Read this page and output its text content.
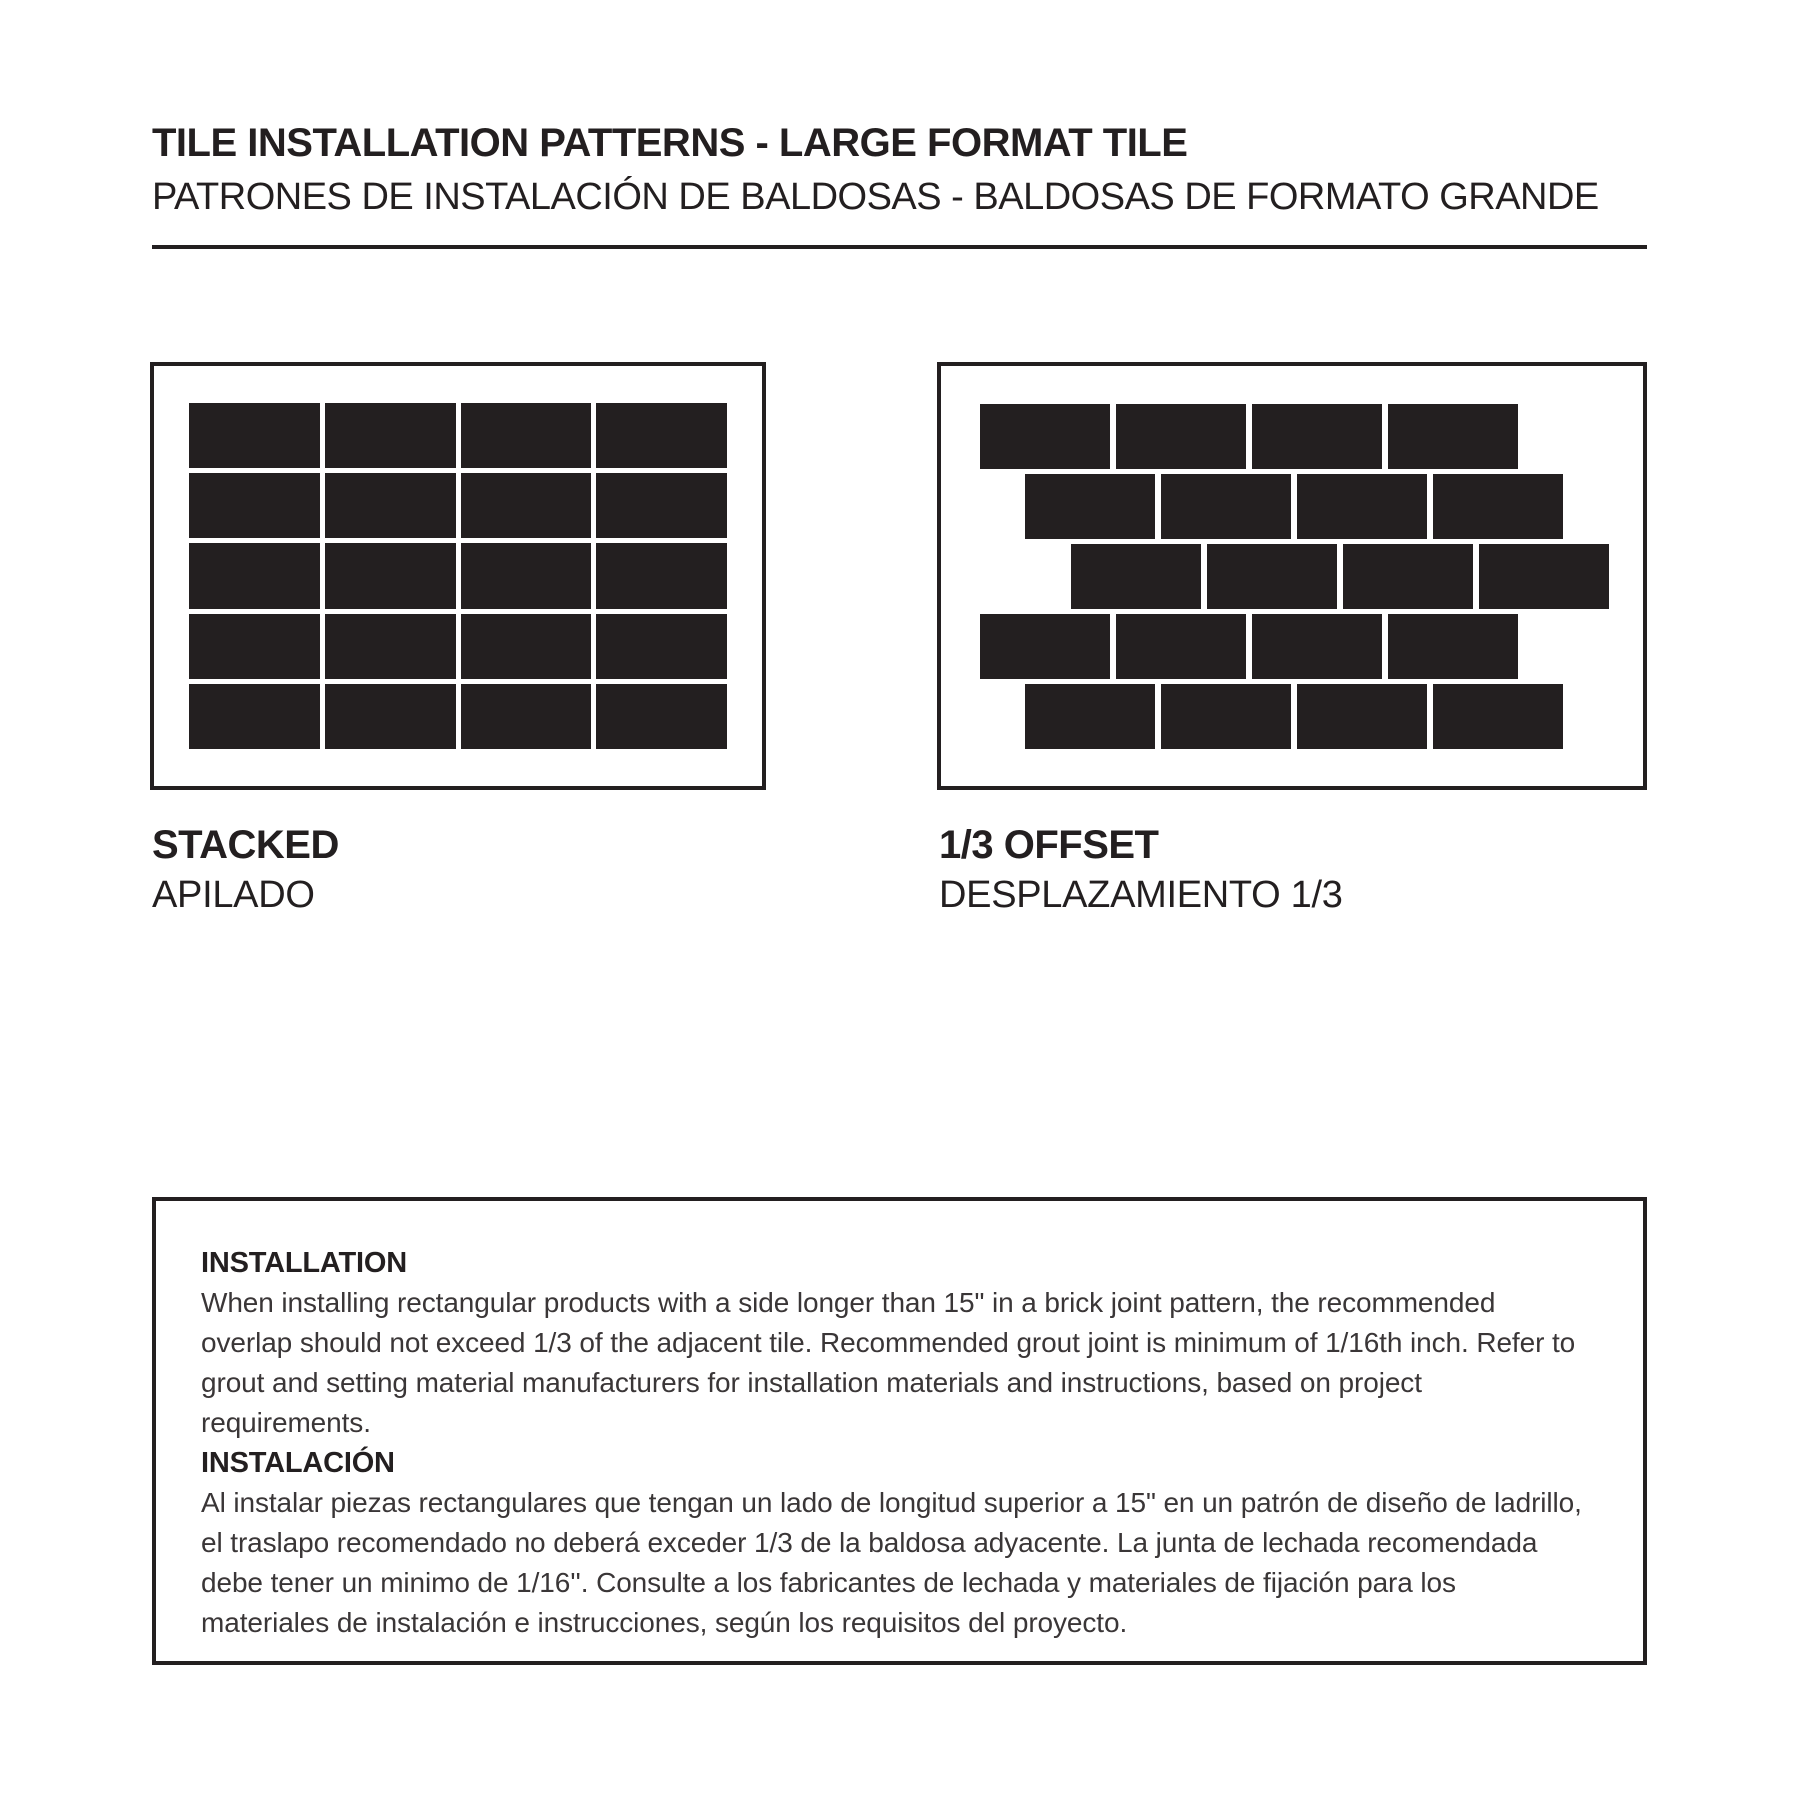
TILE INSTALLATION PATTERNS - LARGE FORMAT TILE
PATRONES DE INSTALACIÓN DE BALDOSAS - BALDOSAS DE FORMATO GRANDE
STACKED
APILADO
1/3 OFFSET
DESPLAZAMIENTO 1/3
INSTALLATION
When installing rectangular products with a side longer than 15" in a brick joint pattern, the recommended
overlap should not exceed 1/3 of the adjacent tile. Recommended grout joint is minimum of 1/16th inch. Refer to
grout and setting material manufacturers for installation materials and instructions, based on project
requirements.
INSTALACIÓN
Al instalar piezas rectangulares que tengan un lado de longitud superior a 15" en un patrón de diseño de ladrillo,
el traslapo recomendado no deberá exceder 1/3 de la baldosa adyacente. La junta de lechada recomendada
debe tener un minimo de 1/16''. Consulte a los fabricantes de lechada y materiales de fijación para los
materiales de instalación e instrucciones, según los requisitos del proyecto.
